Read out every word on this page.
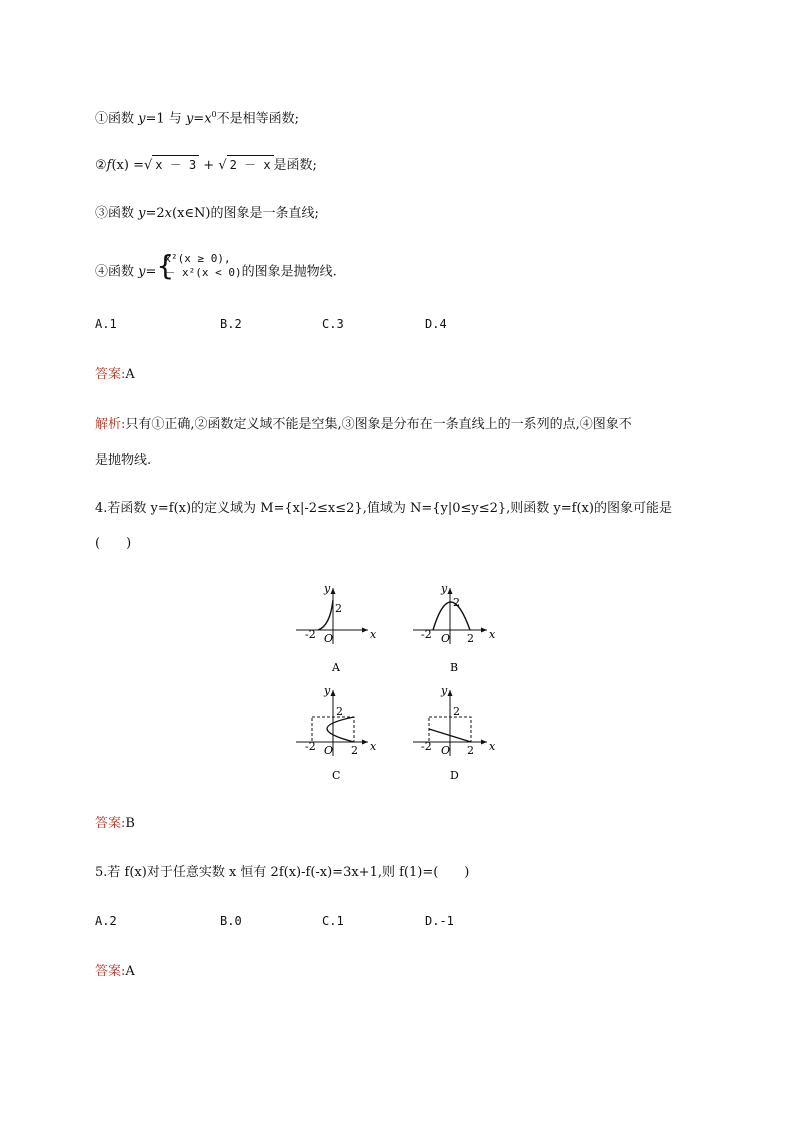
①函数 y=1 与 $y=x^0$不是相等函数;
②f(x) =√ x － 3 + √ 2 － x 是函数;
③函数 y=2x(x∈N)的图象是一条直线;
④函数 y= {
x²(x ≥ 0),
－ x²(x < 0) 的图象是抛物线.
A.1	B.2	C.3	D.4
答案:A
解析:只有①正确,②函数定义域不能是空集,③图象是分布在一条直线上的一系列的点,④图象不
是抛物线.
4.若函数 y=f(x)的定义域为 M={x|-2≤x≤2},值域为 N={y|0≤y≤2},则函数 y=f(x)的图象可能是
(　　)
x
y
O
-2
2
A
x
y
O
-2	2
2
B
x
y
O
-2	2
2
C
x
y
O
-2	2
2
D
答案:B
5.若 f(x)对于任意实数 x 恒有 2f(x)-f(-x)=3x+1,则 f(1)=(　　)
A.2	B.0	C.1	D.-1
答案:A
